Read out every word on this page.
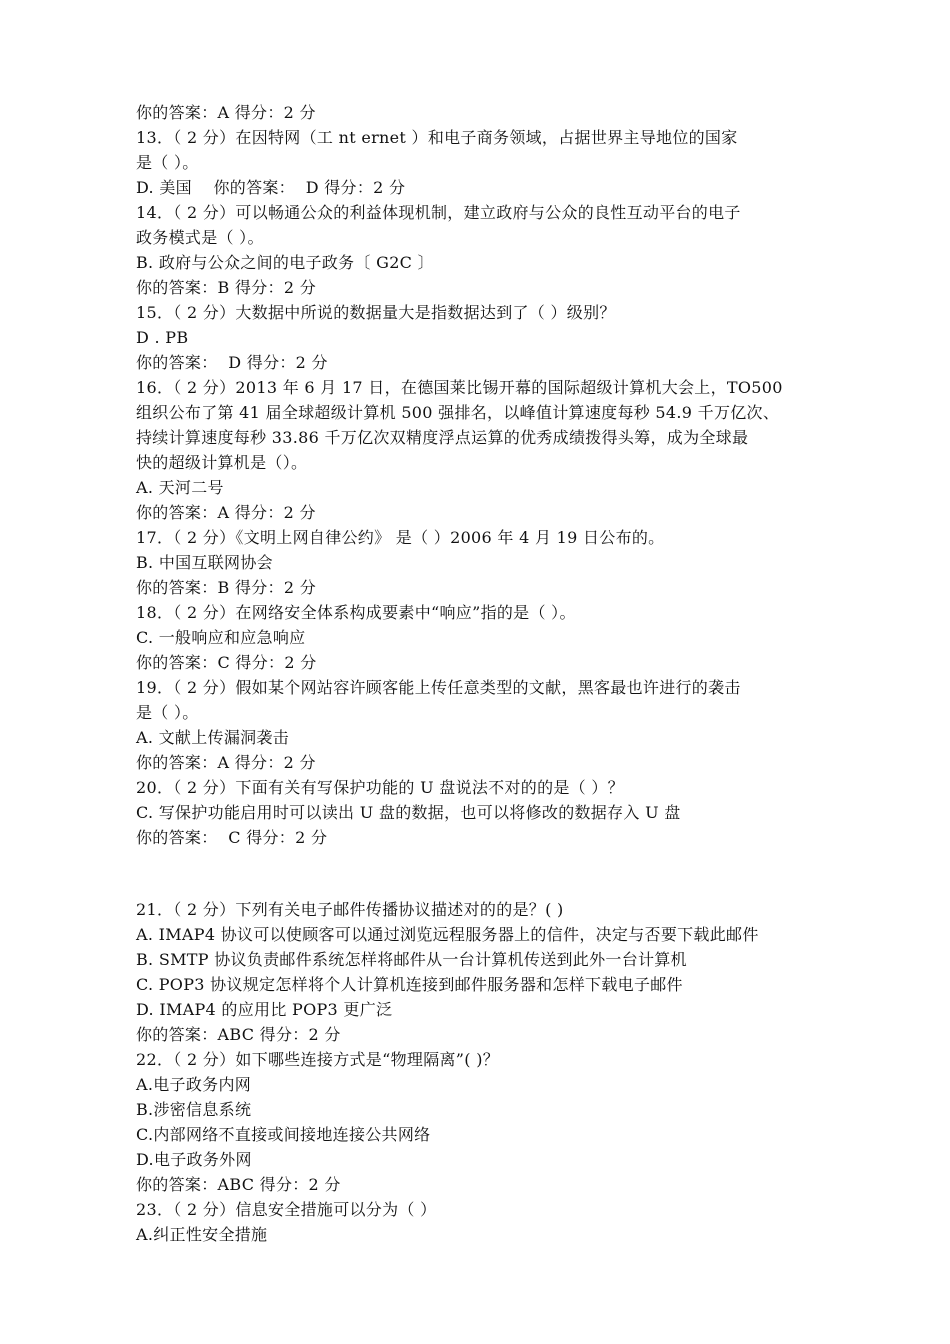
你的答案：A 得分：2 分
13．（ 2 分）在因特网（工 nt ernet ）和电子商务领域，占据世界主导地位的国家
是（ ）。
D. 美国    你的答案：  D 得分：2 分
14．（ 2 分）可以畅通公众的利益体现机制，建立政府与公众的良性互动平台的电子
政务模式是（ ）。
B. 政府与公众之间的电子政务〔 G2C 〕
你的答案：B 得分：2 分
15．（ 2 分）大数据中所说的数据量大是指数据达到了（ ）级别？
D . PB
你的答案：  D 得分：2 分
16．（ 2 分）2013 年 6 月 17 日，在德国莱比锡开幕的国际超级计算机大会上，TO500
组织公布了第 41 届全球超级计算机 500 强排名，以峰值计算速度每秒 54.9 千万亿次、
持续计算速度每秒 33.86 千万亿次双精度浮点运算的优秀成绩拨得头筹，成为全球最
快的超级计算机是（）。
A. 天河二号
你的答案：A 得分：2 分
17．（ 2 分）《文明上网自律公约》 是（ ）2006 年 4 月 19 日公布的。
B. 中国互联网协会
你的答案：B 得分：2 分
18．（ 2 分）在网络安全体系构成要素中“响应”指的是（ ）。
C. 一般响应和应急响应
你的答案：C 得分：2 分
19．（ 2 分）假如某个网站容许顾客能上传任意类型的文献，黑客最也许进行的袭击
是（ ）。
A. 文献上传漏洞袭击
你的答案：A 得分：2 分
20．（ 2 分）下面有关有写保护功能的 U 盘说法不对的的是（ ）？
C. 写保护功能启用时可以读出 U 盘的数据，也可以将修改的数据存入 U 盘
你的答案：  C 得分：2 分
21．（ 2 分）下列有关电子邮件传播协议描述对的的是？( )
A. IMAP4 协议可以使顾客可以通过浏览远程服务器上的信件，决定与否要下载此邮件
B. SMTP 协议负责邮件系统怎样将邮件从一台计算机传送到此外一台计算机
C. POP3 协议规定怎样将个人计算机连接到邮件服务器和怎样下载电子邮件
D. IMAP4 的应用比 POP3 更广泛
你的答案：ABC 得分：2 分
22．（ 2 分）如下哪些连接方式是“物理隔离”( )？
A.电子政务内网
B.涉密信息系统
C.内部网络不直接或间接地连接公共网络
D.电子政务外网
你的答案：ABC 得分：2 分
23．（ 2 分）信息安全措施可以分为（ ）
A.纠正性安全措施
